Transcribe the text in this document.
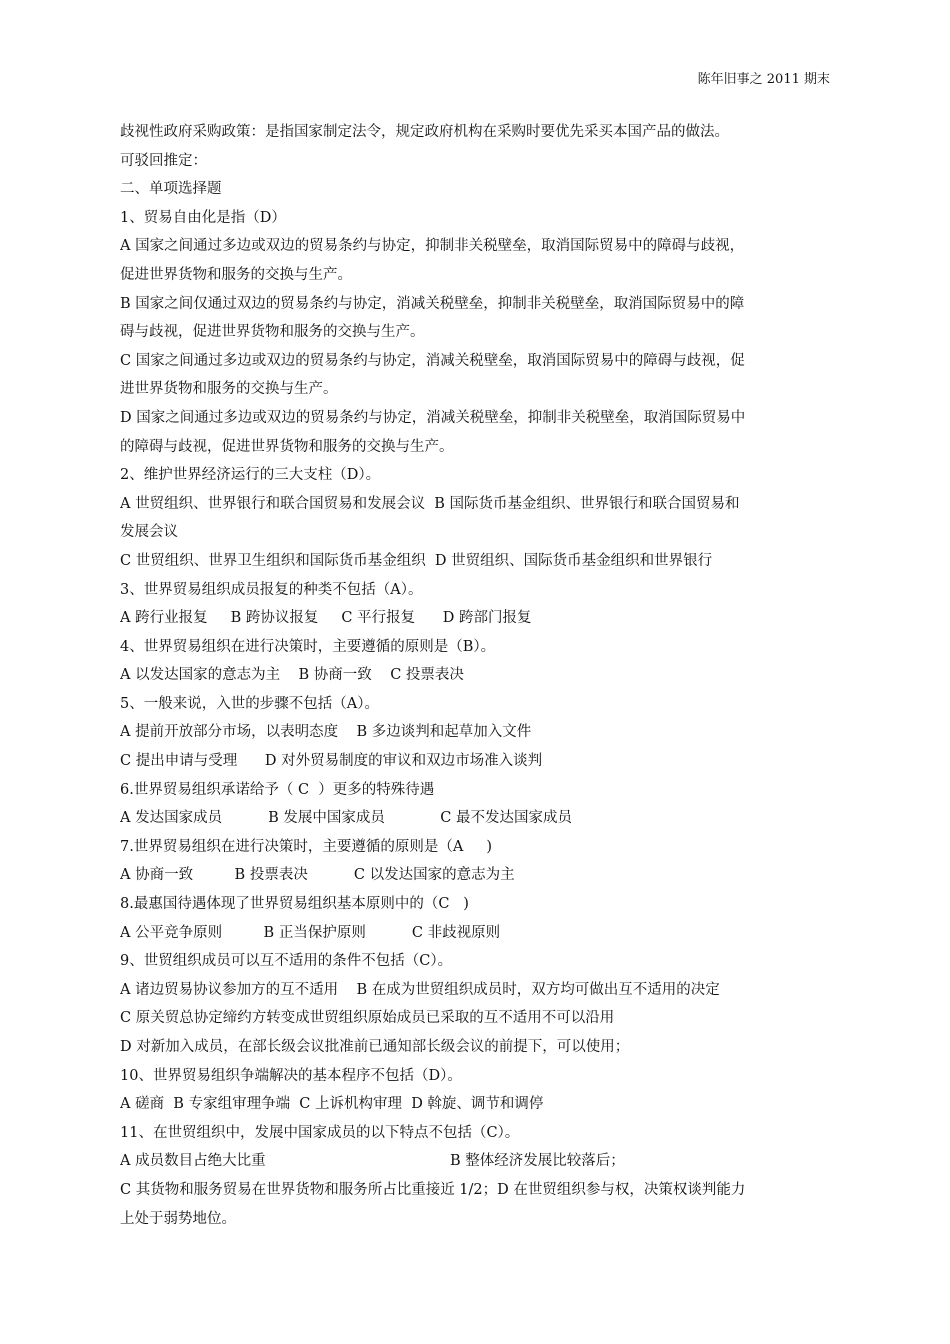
陈年旧事之 2011 期末
歧视性政府采购政策：是指国家制定法令，规定政府机构在采购时要优先采买本国产品的做法。
可驳回推定：
二、单项选择题
1、贸易自由化是指（D）
A 国家之间通过多边或双边的贸易条约与协定，抑制非关税壁垒，取消国际贸易中的障碍与歧视，
促进世界货物和服务的交换与生产。
B 国家之间仅通过双边的贸易条约与协定，消减关税壁垒，抑制非关税壁垒，取消国际贸易中的障
碍与歧视，促进世界货物和服务的交换与生产。
C 国家之间通过多边或双边的贸易条约与协定，消减关税壁垒，取消国际贸易中的障碍与歧视，促
进世界货物和服务的交换与生产。
D 国家之间通过多边或双边的贸易条约与协定，消减关税壁垒，抑制非关税壁垒，取消国际贸易中
的障碍与歧视，促进世界货物和服务的交换与生产。
2、维护世界经济运行的三大支柱（D）。
A 世贸组织、世界银行和联合国贸易和发展会议  B 国际货币基金组织、世界银行和联合国贸易和
发展会议
C 世贸组织、世界卫生组织和国际货币基金组织  D 世贸组织、国际货币基金组织和世界银行
3、世界贸易组织成员报复的种类不包括（A）。
A 跨行业报复     B 跨协议报复     C 平行报复      D 跨部门报复
4、世界贸易组织在进行决策时，主要遵循的原则是（B）。
A 以发达国家的意志为主    B 协商一致    C 投票表决
5、一般来说，入世的步骤不包括（A）。
A 提前开放部分市场，以表明态度    B 多边谈判和起草加入文件
C 提出申请与受理      D 对外贸易制度的审议和双边市场准入谈判
6.世界贸易组织承诺给予（ C  ）更多的特殊待遇
A 发达国家成员          B 发展中国家成员            C 最不发达国家成员
7.世界贸易组织在进行决策时，主要遵循的原则是（A     )
A 协商一致         B 投票表决          C 以发达国家的意志为主
8.最惠国待遇体现了世界贸易组织基本原则中的（C   )
A 公平竞争原则         B 正当保护原则          C 非歧视原则
9、世贸组织成员可以互不适用的条件不包括（C）。
A 诸边贸易协议参加方的互不适用    B 在成为世贸组织成员时，双方均可做出互不适用的决定
C 原关贸总协定缔约方转变成世贸组织原始成员已采取的互不适用不可以沿用
D 对新加入成员，在部长级会议批准前已通知部长级会议的前提下，可以使用；
10、世界贸易组织争端解决的基本程序不包括（D）。
A 磋商  B 专家组审理争端  C 上诉机构审理  D 斡旋、调节和调停
11、在世贸组织中，发展中国家成员的以下特点不包括（C）。
A 成员数目占绝大比重                                        B 整体经济发展比较落后；
C 其货物和服务贸易在世界货物和服务所占比重接近 1/2；D 在世贸组织参与权，决策权谈判能力
上处于弱势地位。
